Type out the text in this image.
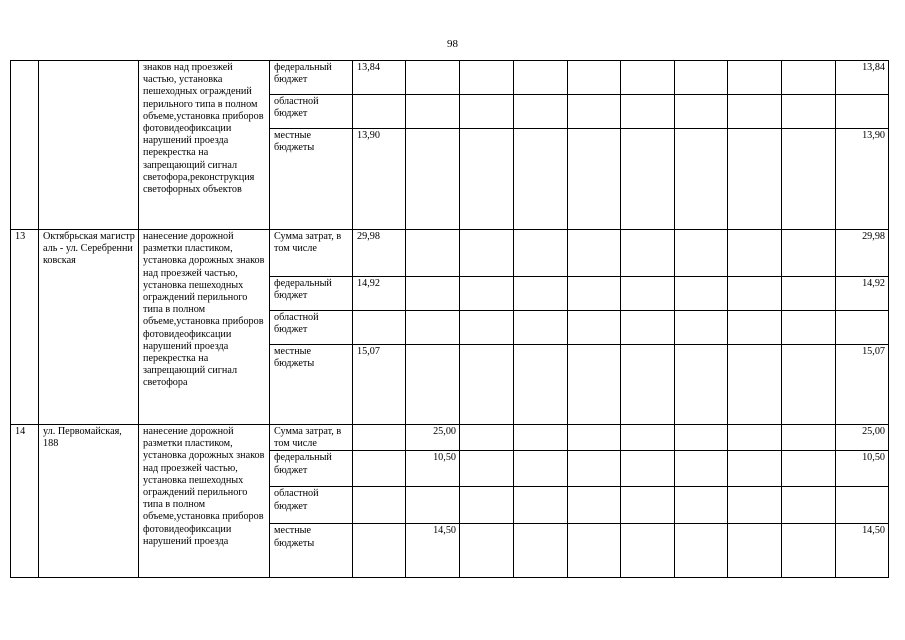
98
		знаков над проезжей частью, установка пешеходных ограждений перильного типа в полном объеме,установка приборов фотовидеофиксации нарушений проезда перекрестка на запрещающий сигнал светофора,реконструкция светофорных объектов	федеральный бюджет	13,84									13,84
			областной бюджет										
			местные бюджеты	13,90									13,90
13	Октябрьская магистраль - ул. Серебренниковская	нанесение дорожной разметки пластиком, установка дорожных знаков над проезжей частью, установка пешеходных ограждений перильного типа в полном объеме,установка приборов фотовидеофиксации нарушений проезда перекрестка на запрещающий сигнал светофора	Сумма затрат, в том числе	29,98									29,98
			федеральный бюджет	14,92									14,92
			областной бюджет										
			местные бюджеты	15,07									15,07
14	ул. Первомайская, 188	нанесение дорожной разметки пластиком, установка дорожных знаков над проезжей частью, установка пешеходных ограждений перильного типа в полном объеме,установка приборов фотовидеофиксации нарушений проезда	Сумма затрат, в том числе		25,00								25,00
			федеральный бюджет		10,50								10,50
			областной бюджет										
			местные бюджеты		14,50								14,50
